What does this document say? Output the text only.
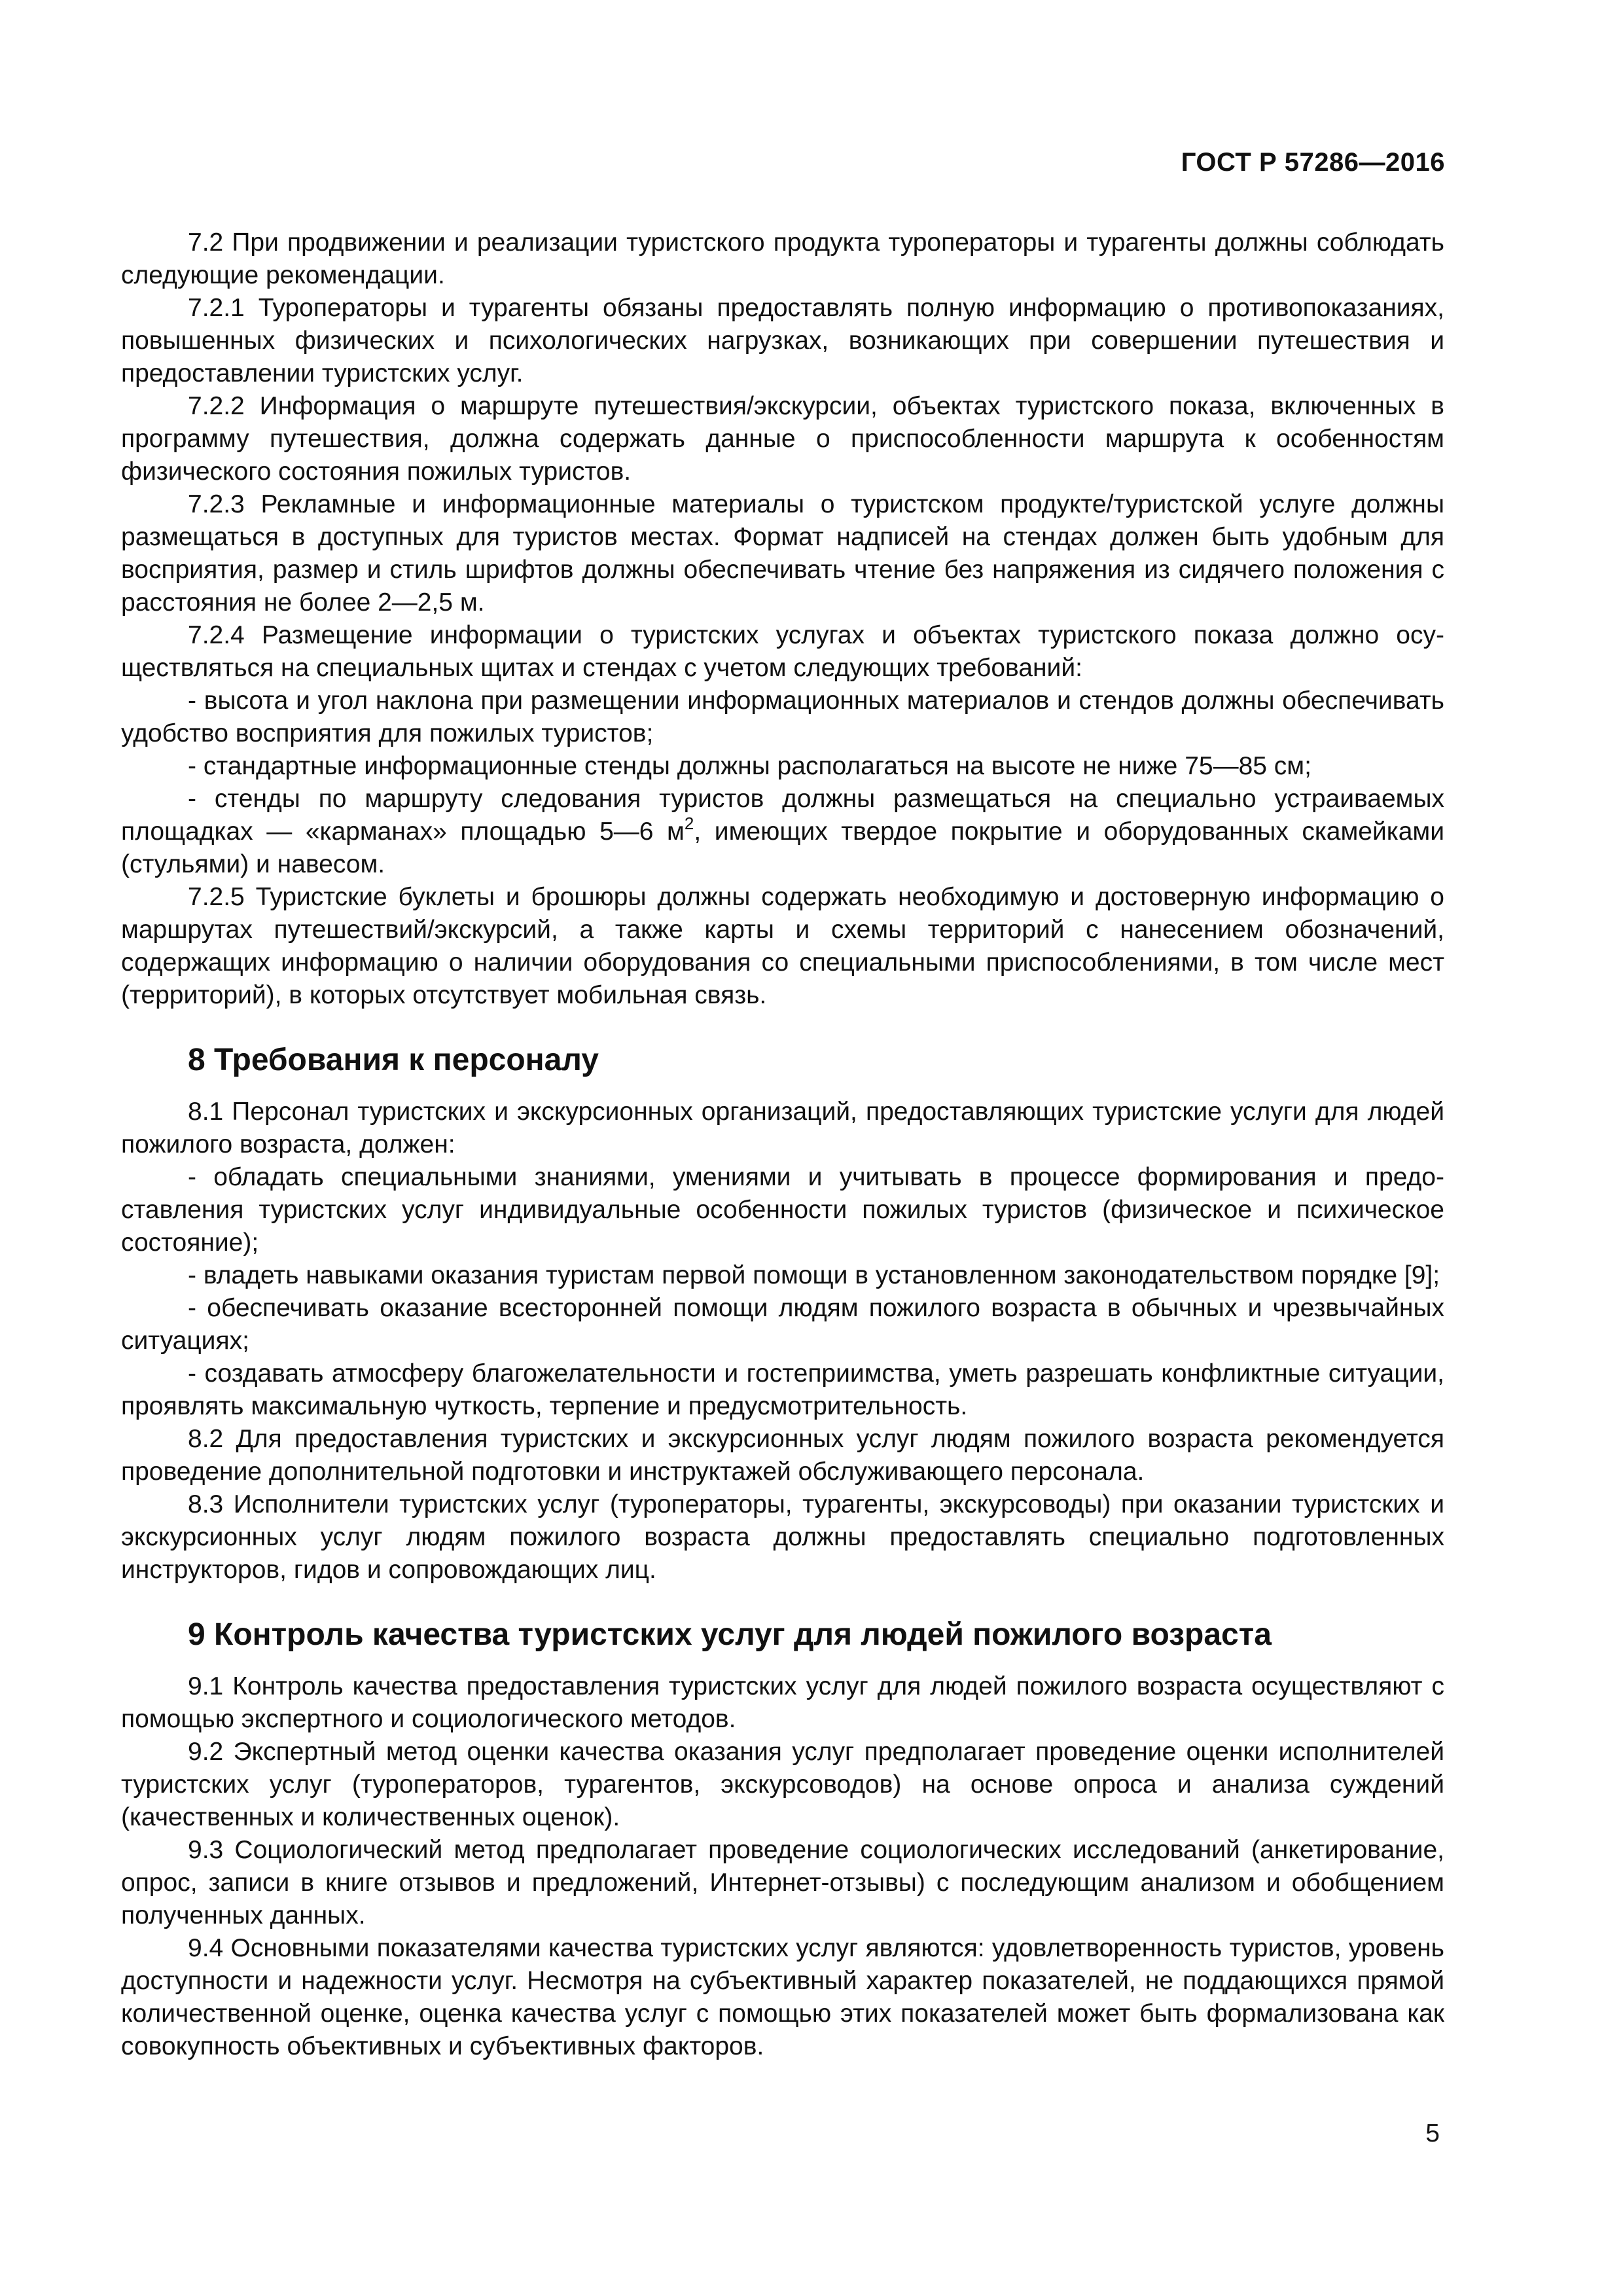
ГОСТ Р 57286—2016

7.2 При продвижении и реализации туристского продукта туроператоры и турагенты должны соблюдать следующие рекомендации.

7.2.1 Туроператоры и турагенты обязаны предоставлять полную информацию о противопоказаниях, повышенных физических и психологических нагрузках, возникающих при совершении путешествия и предоставлении туристских услуг.

7.2.2 Информация о маршруте путешествия/экскурсии, объектах туристского показа, включенных в программу путешествия, должна содержать данные о приспособленности маршрута к особенностям физического состояния пожилых туристов.

7.2.3 Рекламные и информационные материалы о туристском продукте/туристской услуге должны размещаться в доступных для туристов местах. Формат надписей на стендах должен быть удобным для восприятия, размер и стиль шрифтов должны обеспечивать чтение без напряжения из сидячего положения с расстояния не более 2—2,5 м.

7.2.4 Размещение информации о туристских услугах и объектах туристского показа должно осуществляться на специальных щитах и стендах с учетом следующих требований:

- высота и угол наклона при размещении информационных материалов и стендов должны обеспечивать удобство восприятия для пожилых туристов;

- стандартные информационные стенды должны располагаться на высоте не ниже 75—85 см;

- стенды по маршруту следования туристов должны размещаться на специально устраиваемых площадках — «карманах» площадью 5—6 $м^2$, имеющих твердое покрытие и оборудованных скамейками (стульями) и навесом.

7.2.5 Туристские буклеты и брошюры должны содержать необходимую и достоверную информацию о маршрутах путешествий/экскурсий, а также карты и схемы территорий с нанесением обозначений, содержащих информацию о наличии оборудования со специальными приспособлениями, в том числе мест (территорий), в которых отсутствует мобильная связь.

8 Требования к персоналу

8.1 Персонал туристских и экскурсионных организаций, предоставляющих туристские услуги для людей пожилого возраста, должен:

- обладать специальными знаниями, умениями и учитывать в процессе формирования и предоставления туристских услуг индивидуальные особенности пожилых туристов (физическое и психическое состояние);

- владеть навыками оказания туристам первой помощи в установленном законодательством порядке [9];

- обеспечивать оказание всесторонней помощи людям пожилого возраста в обычных и чрезвычайных ситуациях;

- создавать атмосферу благожелательности и гостеприимства, уметь разрешать конфликтные ситуации, проявлять максимальную чуткость, терпение и предусмотрительность.

8.2 Для предоставления туристских и экскурсионных услуг людям пожилого возраста рекомендуется проведение дополнительной подготовки и инструктажей обслуживающего персонала.

8.3 Исполнители туристских услуг (туроператоры, турагенты, экскурсоводы) при оказании туристских и экскурсионных услуг людям пожилого возраста должны предоставлять специально подготовленных инструкторов, гидов и сопровождающих лиц.

9 Контроль качества туристских услуг для людей пожилого возраста

9.1 Контроль качества предоставления туристских услуг для людей пожилого возраста осуществляют с помощью экспертного и социологического методов.

9.2 Экспертный метод оценки качества оказания услуг предполагает проведение оценки исполнителей туристских услуг (туроператоров, турагентов, экскурсоводов) на основе опроса и анализа суждений (качественных и количественных оценок).

9.3 Социологический метод предполагает проведение социологических исследований (анкетирование, опрос, записи в книге отзывов и предложений, Интернет-отзывы) с последующим анализом и обобщением полученных данных.

9.4 Основными показателями качества туристских услуг являются: удовлетворенность туристов, уровень доступности и надежности услуг. Несмотря на субъективный характер показателей, не поддающихся прямой количественной оценке, оценка качества услуг с помощью этих показателей может быть формализована как совокупность объективных и субъективных факторов.

5
